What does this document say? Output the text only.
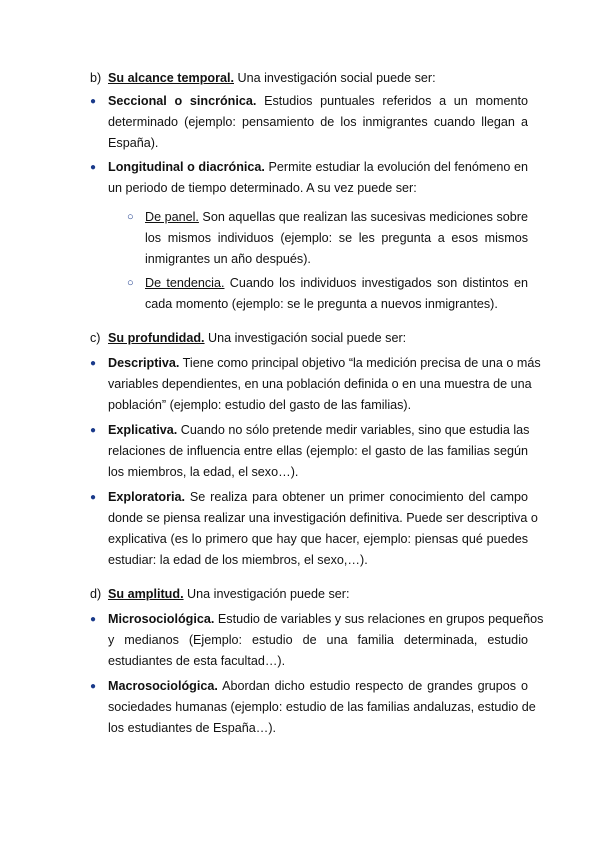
b) Su alcance temporal. Una investigación social puede ser:
● Seccional o sincrónica. Estudios puntuales referidos a un momento
determinado (ejemplo: pensamiento de los inmigrantes cuando llegan a
España).
● Longitudinal o diacrónica. Permite estudiar la evolución del fenómeno en
un periodo de tiempo determinado. A su vez puede ser:
○ De panel. Son aquellas que realizan las sucesivas mediciones sobre
los mismos individuos (ejemplo: se les pregunta a esos mismos
inmigrantes un año después).
○ De tendencia. Cuando los individuos investigados son distintos en
cada momento (ejemplo: se le pregunta a nuevos inmigrantes).
c) Su profundidad. Una investigación social puede ser:
● Descriptiva. Tiene como principal objetivo “la medición precisa de una o más
variables dependientes, en una población definida o en una muestra de una
población” (ejemplo: estudio del gasto de las familias).
● Explicativa. Cuando no sólo pretende medir variables, sino que estudia las
relaciones de influencia entre ellas (ejemplo: el gasto de las familias según
los miembros, la edad, el sexo…).
● Exploratoria. Se realiza para obtener un primer conocimiento del campo
donde se piensa realizar una investigación definitiva. Puede ser descriptiva o
explicativa (es lo primero que hay que hacer, ejemplo: piensas qué puedes
estudiar: la edad de los miembros, el sexo,…).
d) Su amplitud. Una investigación puede ser:
● Microsociológica. Estudio de variables y sus relaciones en grupos pequeños
y medianos (Ejemplo: estudio de una familia determinada, estudio
estudiantes de esta facultad…).
● Macrosociológica. Abordan dicho estudio respecto de grandes grupos o
sociedades humanas (ejemplo: estudio de las familias andaluzas, estudio de
los estudiantes de España…).
